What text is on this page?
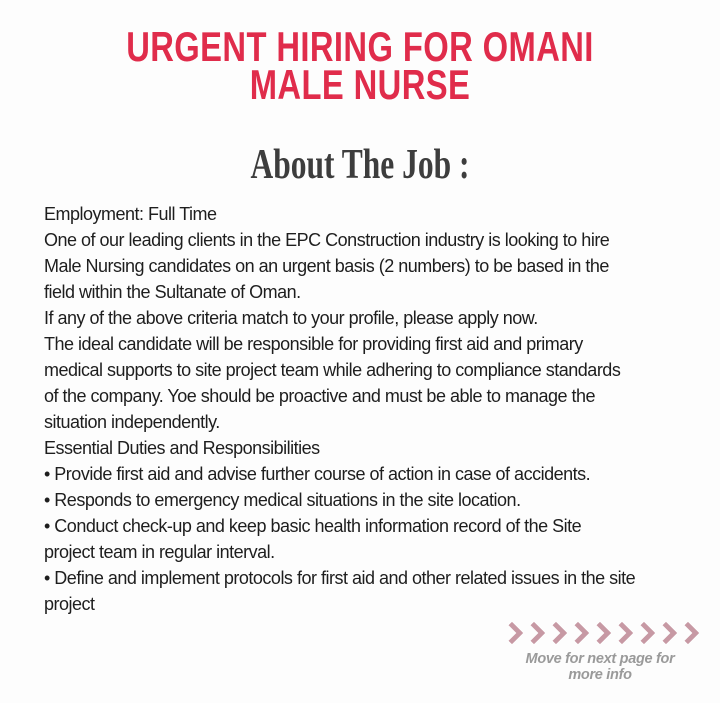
URGENT HIRING FOR OMANI
MALE NURSE
About The Job :
Employment: Full Time
One of our leading clients in the EPC Construction industry is looking to hire
Male Nursing candidates on an urgent basis (2 numbers) to be based in the
field within the Sultanate of Oman.
If any of the above criteria match to your profile, please apply now.
The ideal candidate will be responsible for providing first aid and primary
medical supports to site project team while adhering to compliance standards
of the company. Yoe should be proactive and must be able to manage the
situation independently.
Essential Duties and Responsibilities
• Provide first aid and advise further course of action in case of accidents.
• Responds to emergency medical situations in the site location.
• Conduct check-up and keep basic health information record of the Site
project team in regular interval.
• Define and implement protocols for first aid and other related issues in the site
project
Move for next page for
more info
